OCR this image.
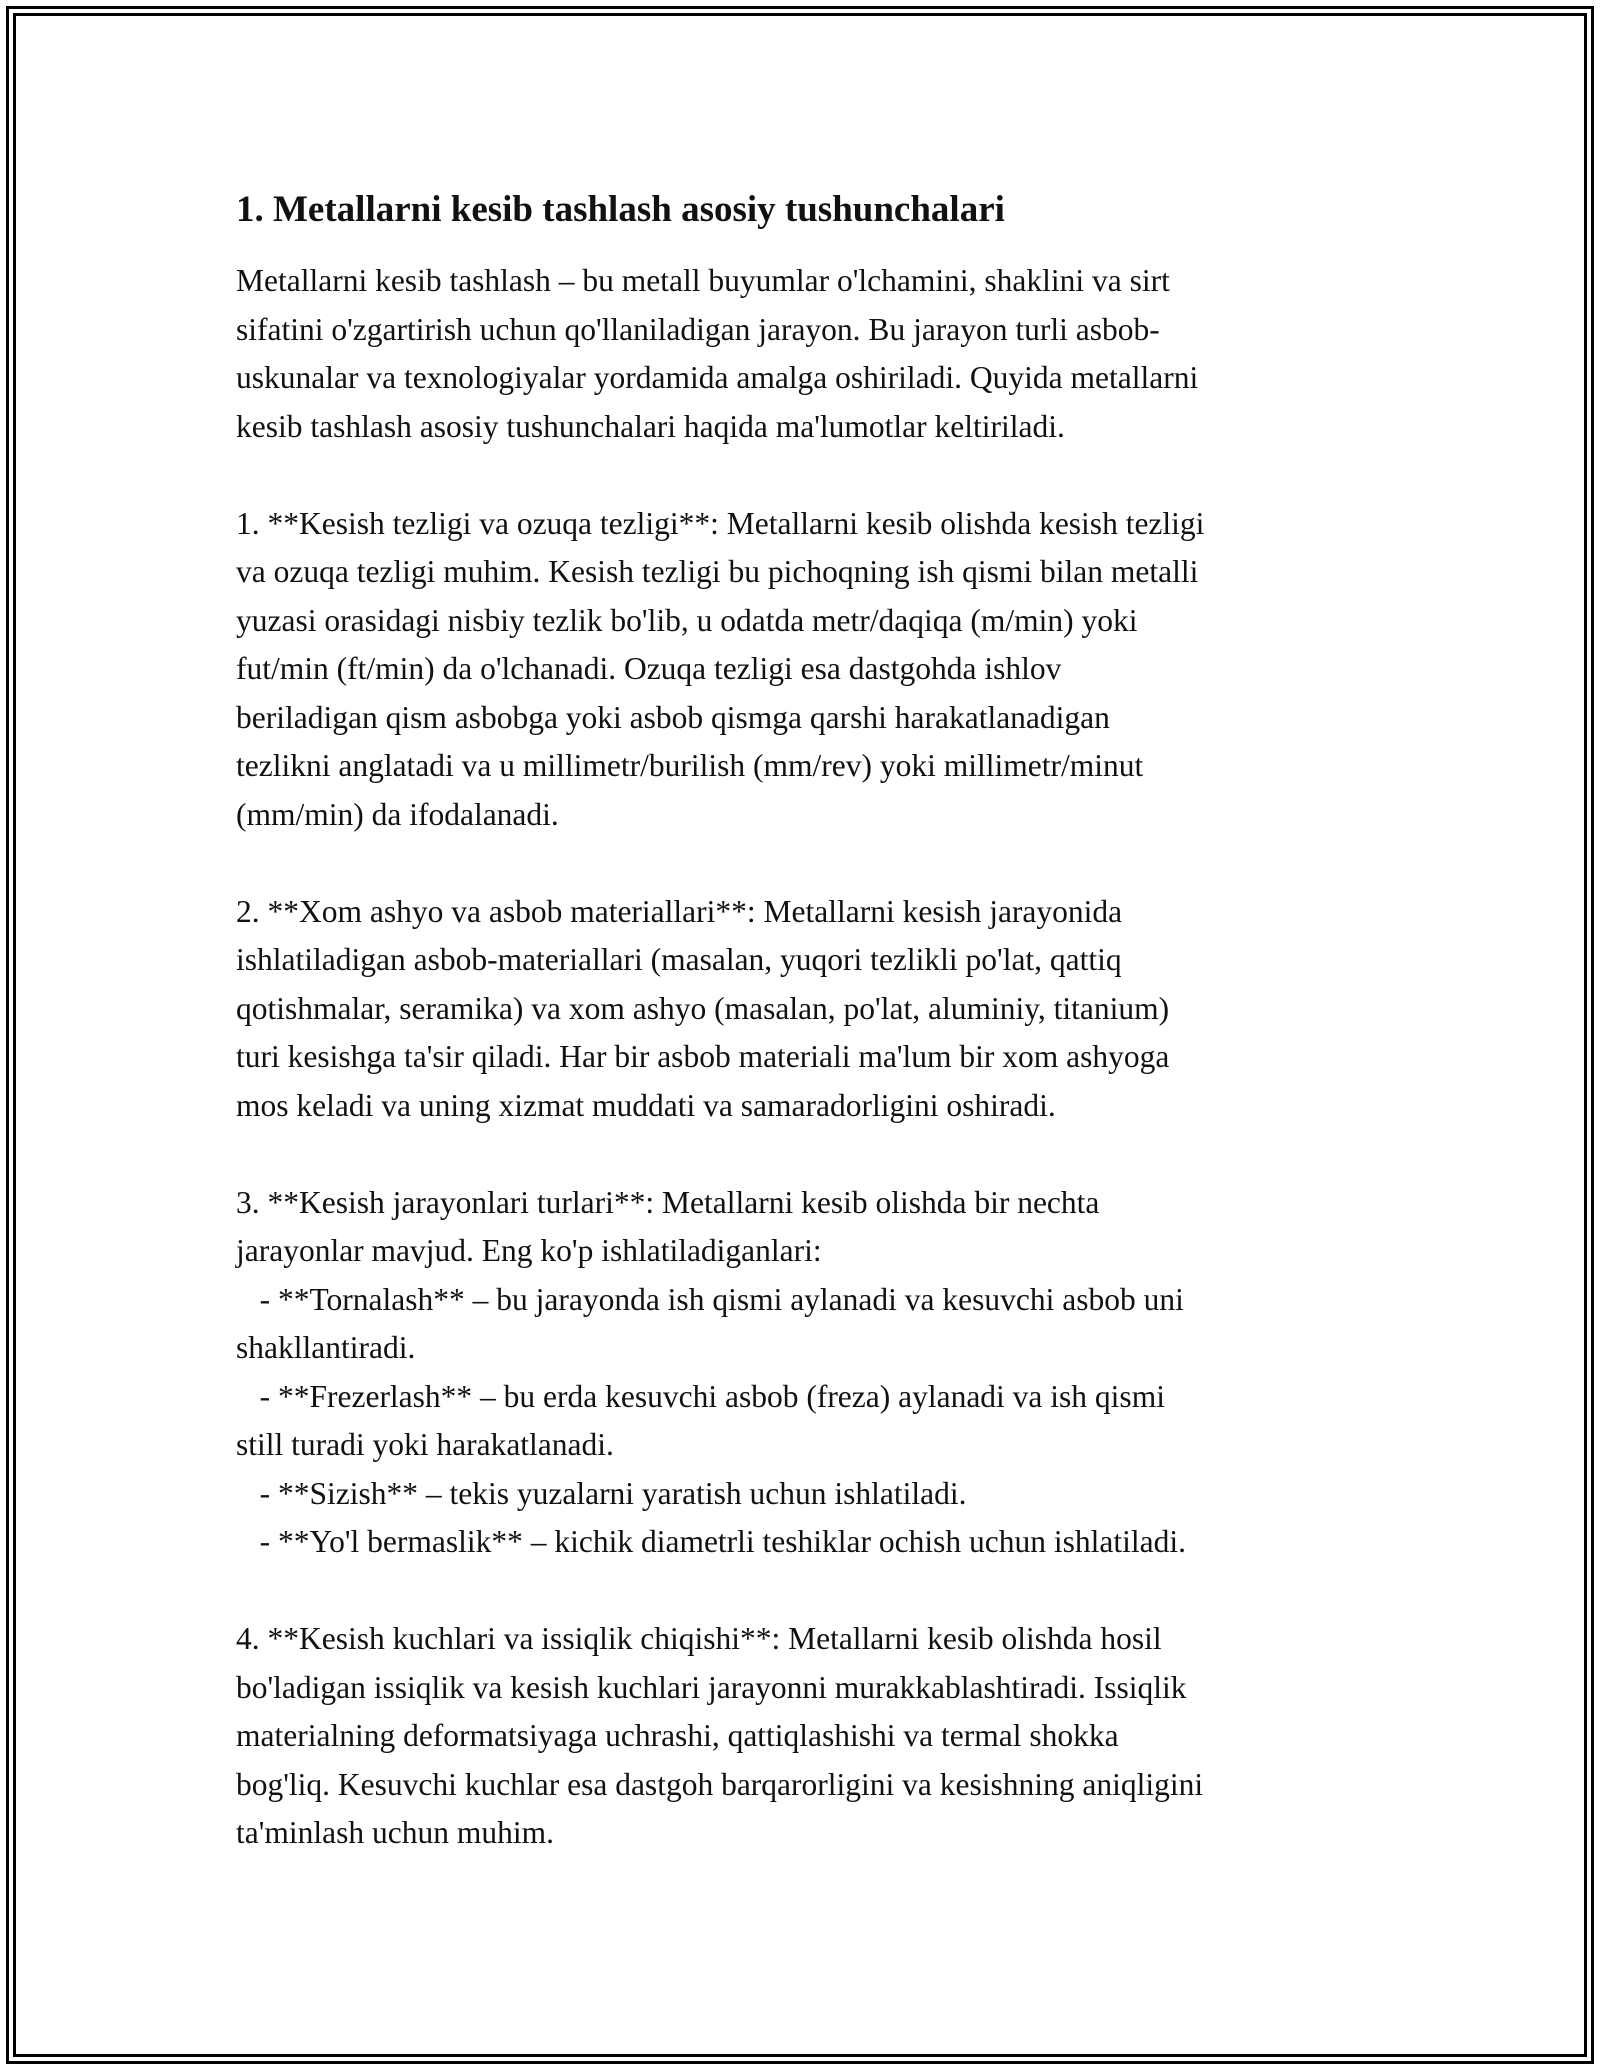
1. Metallarni kesib tashlash asosiy tushunchalari
Metallarni kesib tashlash – bu metall buyumlar o'lchamini, shaklini va sirt
sifatini o'zgartirish uchun qo'llaniladigan jarayon. Bu jarayon turli asbob-
uskunalar va texnologiyalar yordamida amalga oshiriladi. Quyida metallarni
kesib tashlash asosiy tushunchalari haqida ma'lumotlar keltiriladi.
1. **Kesish tezligi va ozuqa tezligi**: Metallarni kesib olishda kesish tezligi
va ozuqa tezligi muhim. Kesish tezligi bu pichoqning ish qismi bilan metalli
yuzasi orasidagi nisbiy tezlik bo'lib, u odatda metr/daqiqa (m/min) yoki
fut/min (ft/min) da o'lchanadi. Ozuqa tezligi esa dastgohda ishlov
beriladigan qism asbobga yoki asbob qismga qarshi harakatlanadigan
tezlikni anglatadi va u millimetr/burilish (mm/rev) yoki millimetr/minut
(mm/min) da ifodalanadi.
2. **Xom ashyo va asbob materiallari**: Metallarni kesish jarayonida
ishlatiladigan asbob-materiallari (masalan, yuqori tezlikli po'lat, qattiq
qotishmalar, seramika) va xom ashyo (masalan, po'lat, aluminiy, titanium)
turi kesishga ta'sir qiladi. Har bir asbob materiali ma'lum bir xom ashyoga
mos keladi va uning xizmat muddati va samaradorligini oshiradi.
3. **Kesish jarayonlari turlari**: Metallarni kesib olishda bir nechta
jarayonlar mavjud. Eng ko'p ishlatiladiganlari:
- **Tornalash** – bu jarayonda ish qismi aylanadi va kesuvchi asbob uni
shakllantiradi.
- **Frezerlash** – bu erda kesuvchi asbob (freza) aylanadi va ish qismi
still turadi yoki harakatlanadi.
- **Sizish** – tekis yuzalarni yaratish uchun ishlatiladi.
- **Yo'l bermaslik** – kichik diametrli teshiklar ochish uchun ishlatiladi.
4. **Kesish kuchlari va issiqlik chiqishi**: Metallarni kesib olishda hosil
bo'ladigan issiqlik va kesish kuchlari jarayonni murakkablashtiradi. Issiqlik
materialning deformatsiyaga uchrashi, qattiqlashishi va termal shokka
bog'liq. Kesuvchi kuchlar esa dastgoh barqarorligini va kesishning aniqligini
ta'minlash uchun muhim.
